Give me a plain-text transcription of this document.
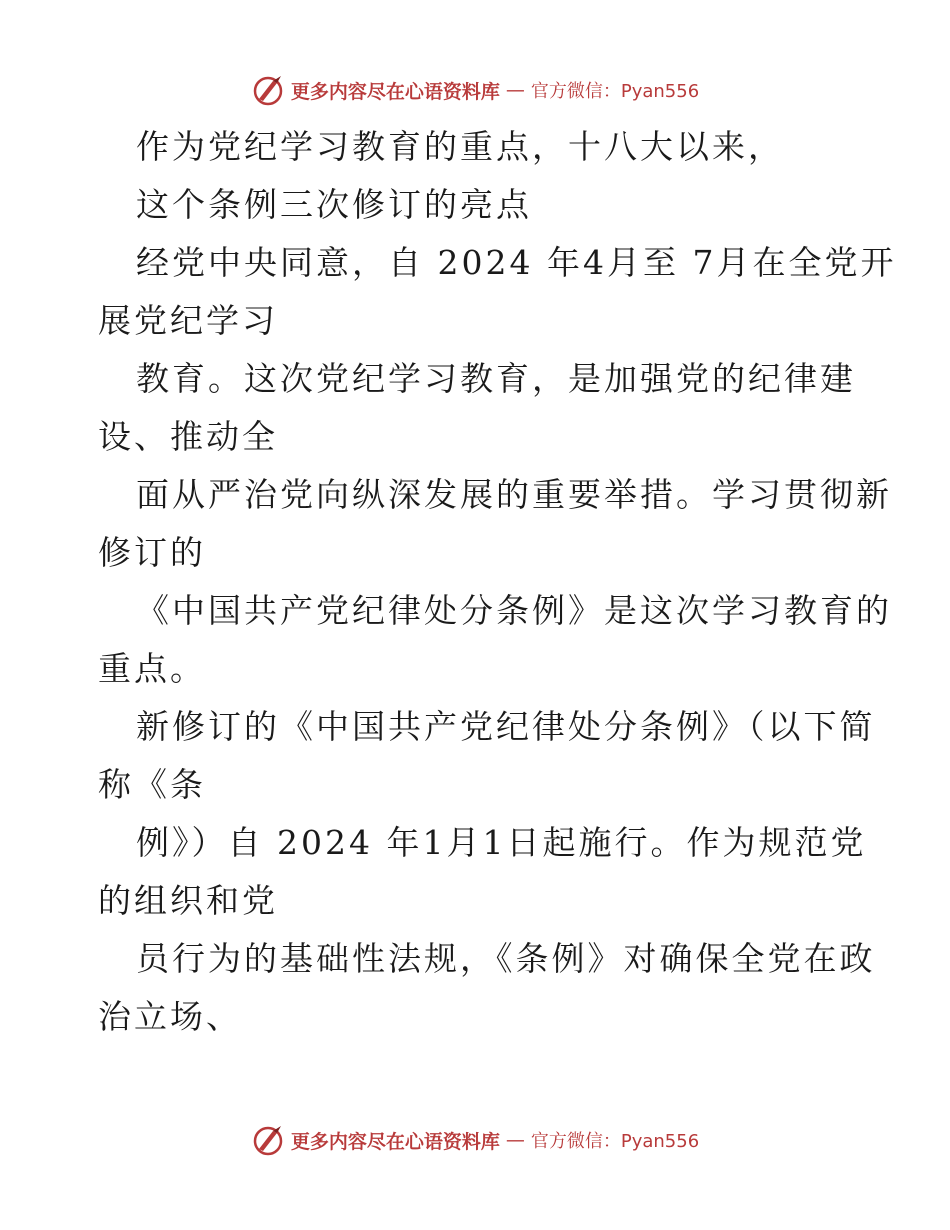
更多内容尽在心语资料库 — 官方微信：Pyan556
作为党纪学习教育的重点，十八大以来，
这个条例三次修订的亮点
经党中央同意，自 2024 年4月至 7月在全党开
展党纪学习
教育。这次党纪学习教育，是加强党的纪律建
设、推动全
面从严治党向纵深发展的重要举措。学习贯彻新
修订的
《中国共产党纪律处分条例》是这次学习教育的
重点。
新修订的《中国共产党纪律处分条例》（以下简
称《条
例》）自 2024 年1月1日起施行。作为规范党
的组织和党
员行为的基础性法规，《条例》对确保全党在政
治立场、
更多内容尽在心语资料库 — 官方微信：Pyan556
